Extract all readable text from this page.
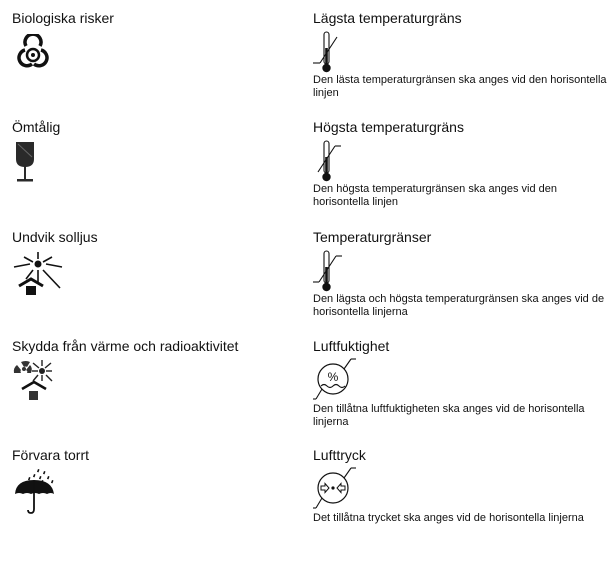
Biologiska risker
Ömtålig
Undvik solljus
Skydda från värme och radioaktivitet
Förvara torrt
Lägsta temperaturgräns
Den lästa temperaturgränsen ska anges vid den horisontella linjen
Högsta temperaturgräns
Den högsta temperaturgränsen ska anges vid den horisontella linjen
Temperaturgränser
Den lägsta och högsta temperaturgränsen ska anges vid de horisontella linjerna
Luftfuktighet
%
Den tillåtna luftfuktigheten ska anges vid de horisontella linjerna
Lufttryck
Det tillåtna trycket ska anges vid de horisontella linjerna
